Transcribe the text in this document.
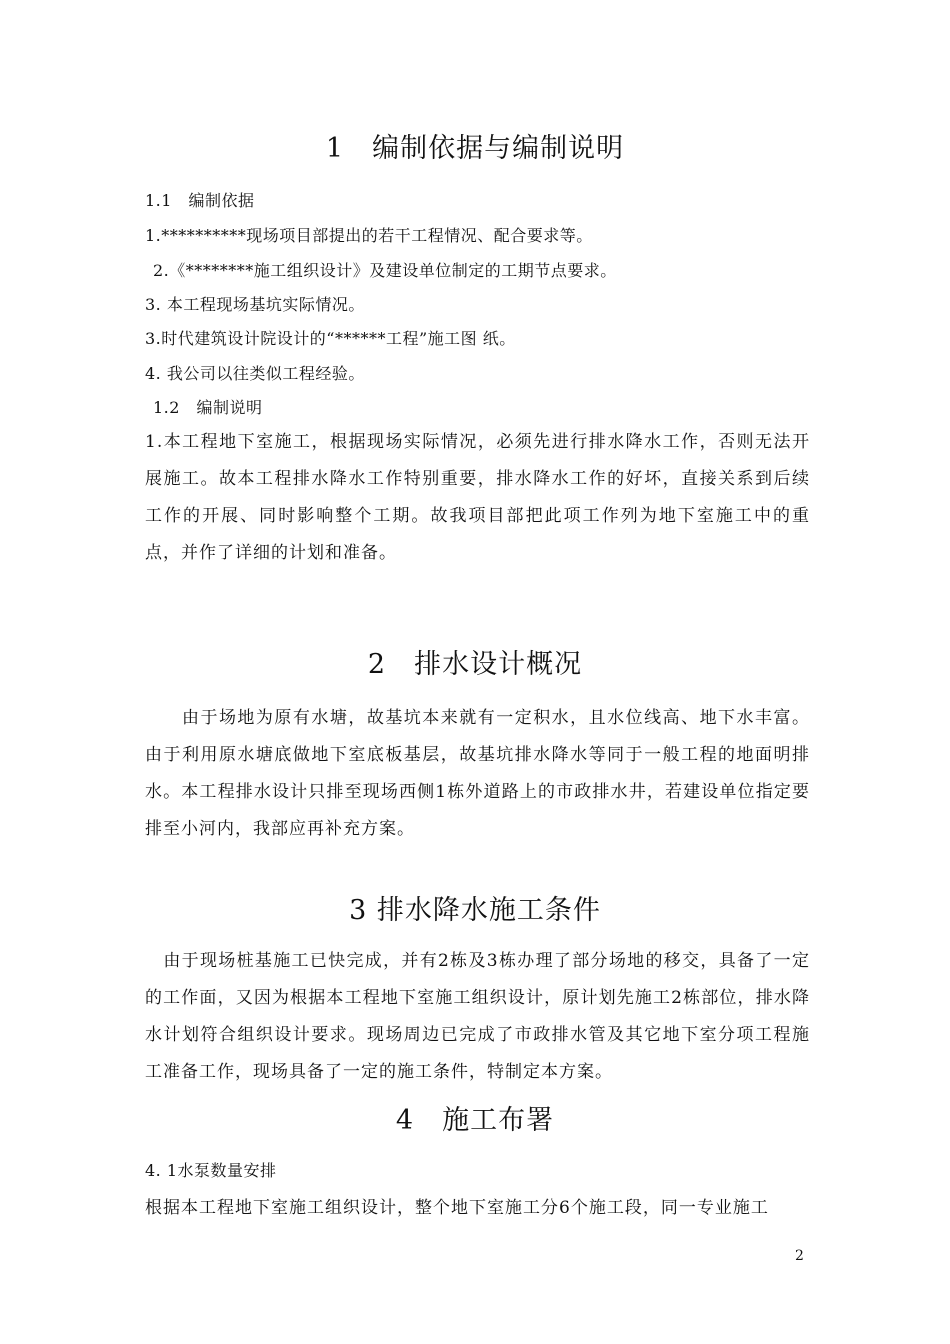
1　编制依据与编制说明
1.1　编制依据
1.**********现场项目部提出的若干工程情况、配合要求等。
2.《********施工组织设计》及建设单位制定的工期节点要求。
3. 本工程现场基坑实际情况。
3.时代建筑设计院设计的“******工程”施工图 纸。
4. 我公司以往类似工程经验。
1.2　编制说明
1.本工程地下室施工，根据现场实际情况，必须先进行排水降水工作，否则无法开展施工。故本工程排水降水工作特别重要，排水降水工作的好坏，直接关系到后续工作的开展、同时影响整个工期。故我项目部把此项工作列为地下室施工中的重点，并作了详细的计划和准备。
2　排水设计概况
　　由于场地为原有水塘，故基坑本来就有一定积水，且水位线高、地下水丰富。 由于利用原水塘底做地下室底板基层，故基坑排水降水等同于一般工程的地面明排水。本工程排水设计只排至现场西侧1栋外道路上的市政排水井，若建设单位指定要排至小河内，我部应再补充方案。
3 排水降水施工条件
　由于现场桩基施工已快完成，并有2栋及3栋办理了部分场地的移交，具备了一定的工作面，又因为根据本工程地下室施工组织设计，原计划先施工2栋部位，排水降水计划符合组织设计要求。现场周边已完成了市政排水管及其它地下室分项工程施工准备工作，现场具备了一定的施工条件，特制定本方案。
4　施工布署
4. 1水泵数量安排
根据本工程地下室施工组织设计，整个地下室施工分6个施工段，同一专业施工
2
